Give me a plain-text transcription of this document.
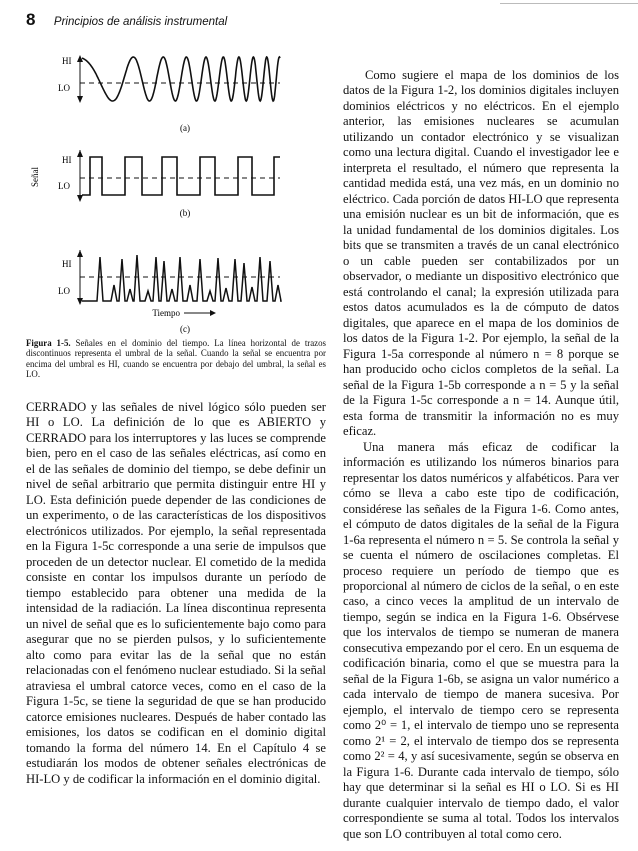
8 Principios de análisis instrumental
Señal
HI
LO
(a)
HI
LO
(b)
HI
LO
Tiempo
(c)
Figura 1-5. Señales en el dominio del tiempo. La línea horizontal de trazos discontinuos representa el umbral de la señal. Cuando la señal se encuentra por encima del umbral es HI, cuando se encuentra por debajo del umbral, la señal es LO.

CERRADO y las señales de nivel lógico sólo pueden ser HI o LO. La definición de lo que es ABIERTO y CERRADO para los interruptores y las luces se comprende bien, pero en el caso de las señales eléctricas, así como en el de las señales de dominio del tiempo, se debe definir un nivel de señal arbitrario que permita distinguir entre HI y LO. Esta definición puede depender de las condiciones de un experimento, o de las características de los dispositivos electrónicos utilizados. Por ejemplo, la señal representada en la Figura 1-5c corresponde a una serie de impulsos que proceden de un detector nuclear. El cometido de la medida consiste en contar los impulsos durante un período de tiempo establecido para obtener una medida de la intensidad de la radiación. La línea discontinua representa un nivel de señal que es lo suficientemente bajo como para asegurar que no se pierden pulsos, y lo suficientemente alto como para evitar las de la señal que no están relacionadas con el fenómeno nuclear estudiado. Si la señal atraviesa el umbral catorce veces, como en el caso de la Figura 1-5c, se tiene la seguridad de que se han producido catorce emisiones nucleares. Después de haber contado las emisiones, los datos se codifican en el dominio digital tomando la forma del número 14. En el Capítulo 4 se estudiarán los modos de obtener señales electrónicas de HI-LO y de codificar la información en el dominio digital.

Como sugiere el mapa de los dominios de los datos de la Figura 1-2, los dominios digitales incluyen dominios eléctricos y no eléctricos. En el ejemplo anterior, las emisiones nucleares se acumulan utilizando un contador electrónico y se visualizan como una lectura digital. Cuando el investigador lee e interpreta el resultado, el número que representa la cantidad medida está, una vez más, en un dominio no eléctrico. Cada porción de datos HI-LO que representa una emisión nuclear es un bit de información, que es la unidad fundamental de los dominios digitales. Los bits que se transmiten a través de un canal electrónico o un cable pueden ser contabilizados por un observador, o mediante un dispositivo electrónico que está controlando el canal; la expresión utilizada para estos datos acumulados es la de cómputo de datos digitales, que aparece en el mapa de los dominios de los datos de la Figura 1-2. Por ejemplo, la señal de la Figura 1-5a corresponde al número n = 8 porque se han producido ocho ciclos completos de la señal. La señal de la Figura 1-5b corresponde a n = 5 y la señal de la Figura 1-5c corresponde a n = 14. Aunque útil, esta forma de transmitir la información no es muy eficaz.

Una manera más eficaz de codificar la información es utilizando los números binarios para representar los datos numéricos y alfabéticos. Para ver cómo se lleva a cabo este tipo de codificación, considérese las señales de la Figura 1-6. Como antes, el cómputo de datos digitales de la señal de la Figura 1-6a representa el número n = 5. Se controla la señal y se cuenta el número de oscilaciones completas. El proceso requiere un período de tiempo que es proporcional al número de ciclos de la señal, o en este caso, a cinco veces la amplitud de un intervalo de tiempo, según se indica en la Figura 1-6. Obsérvese que los intervalos de tiempo se numeran de manera consecutiva empezando por el cero. En un esquema de codificación binaria, como el que se muestra para la señal de la Figura 1-6b, se asigna un valor numérico a cada intervalo de tiempo de manera sucesiva. Por ejemplo, el intervalo de tiempo cero se representa como 2⁰ = 1, el intervalo de tiempo uno se representa como 2¹ = 2, el intervalo de tiempo dos se representa como 2² = 4, y así sucesivamente, según se observa en la Figura 1-6. Durante cada intervalo de tiempo, sólo hay que determinar si la señal es HI o LO. Si es HI durante cualquier intervalo de tiempo dado, el valor correspondiente se suma al total. Todos los intervalos que son LO contribuyen al total como cero.
